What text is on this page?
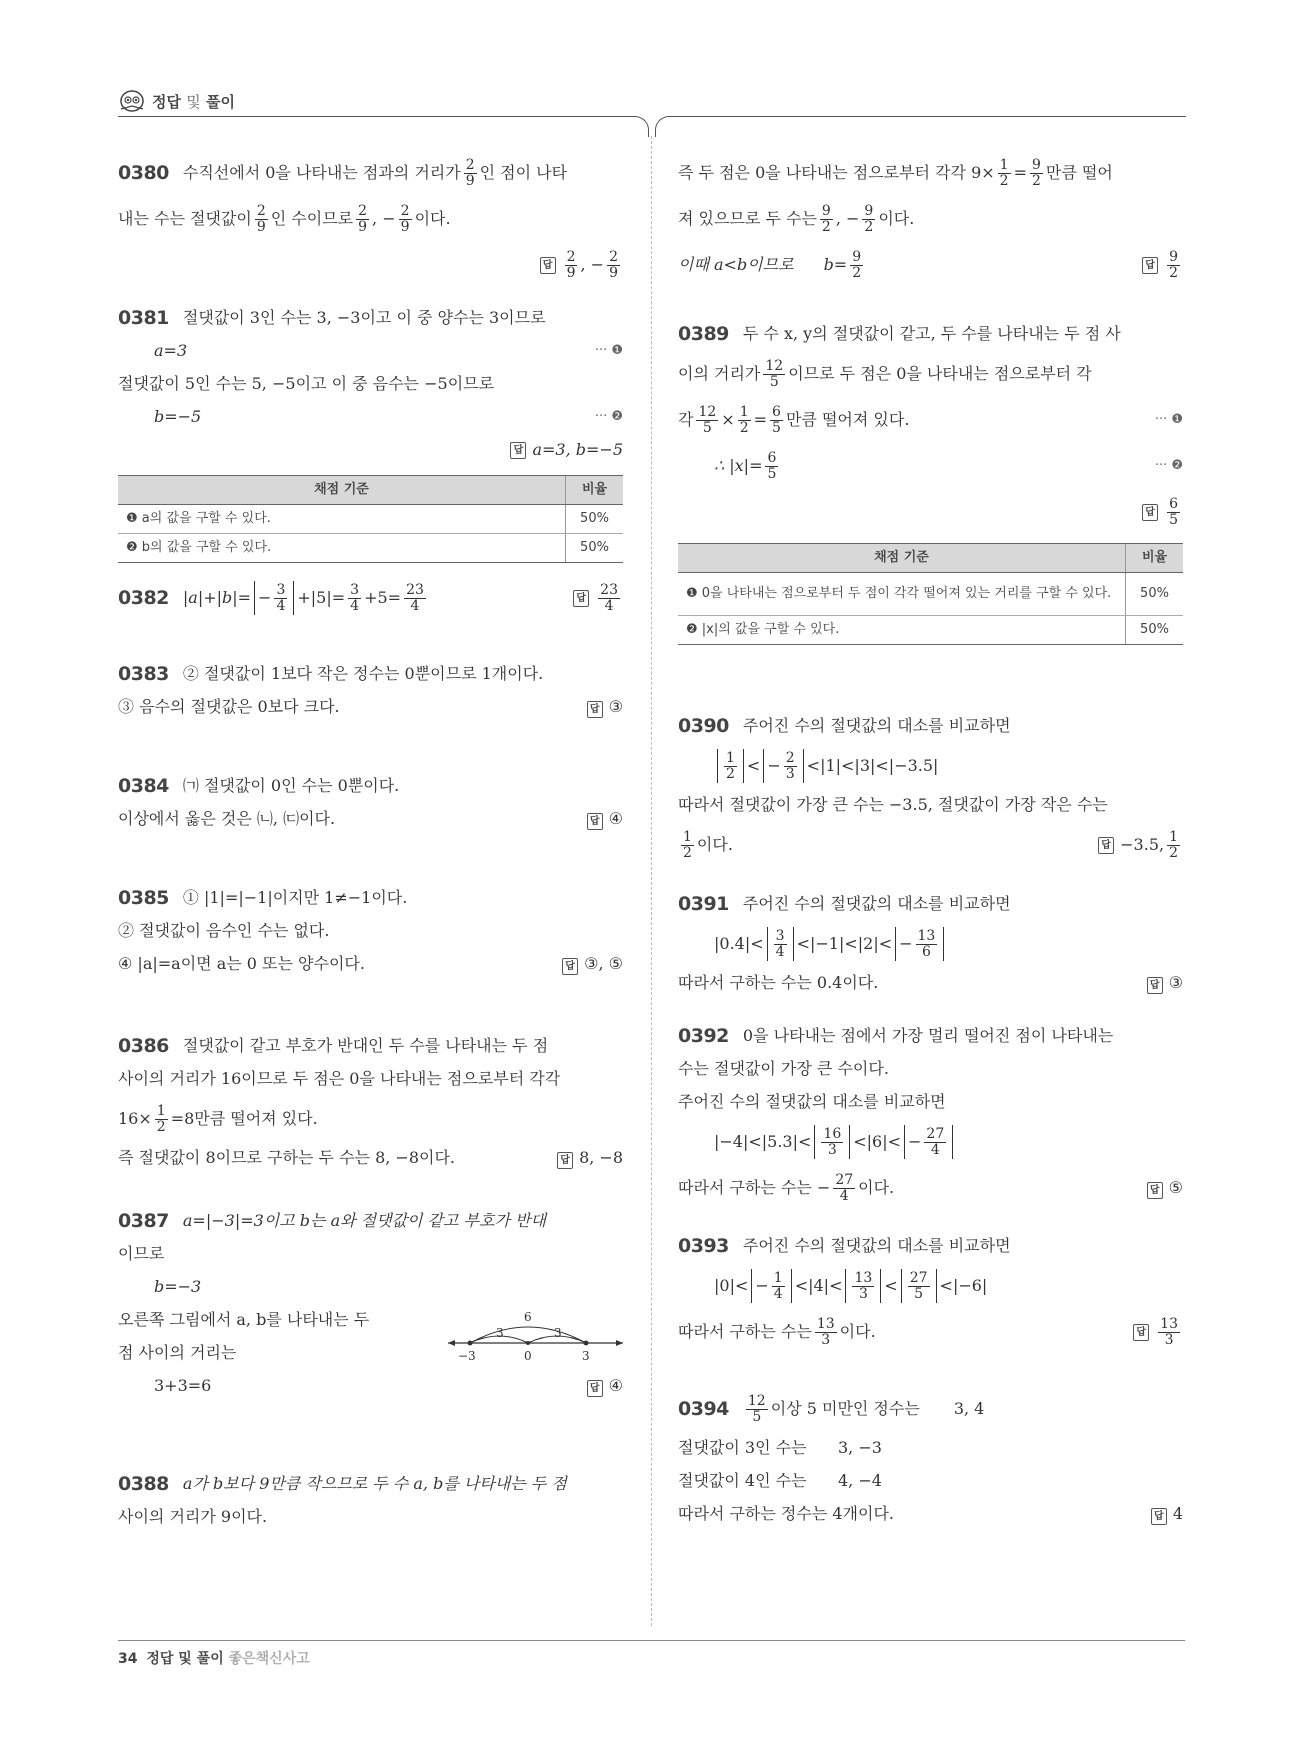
정답 및 풀이
0380 수직선에서 0을 나타내는 점과의 거리가 $\frac{2}{9}$ 인 점이 나타
내는 수는 절댓값이 $\frac{2}{9}$ 인 수이므로 $\frac{2}{9}$ ,
− $\frac{2}{9}$ 이다.
답 $\frac{2}{9}$ ,
− $\frac{2}{9}$
0381 절댓값이 3인 수는 3, −3이고 이 중 양수는 3이므로
a=3	··· ❶
절댓값이 5인 수는 5, −5이고 이 중 음수는 −5이므로
b=−5	··· ❷
답 a=3, b=−5
채점 기준	비율
❶ a의 값을 구할 수 있다.	50%
❷ b의 값을 구할 수 있다.	50%
0382 $|a|+|b|= - \frac{3}{4} +|5|= \frac{3}{4} +5= \frac{23}{4}$	답 $\frac{23}{4}$
0383 ② 절댓값이 1보다 작은 정수는 0뿐이므로 1개이다.
③ 음수의 절댓값은 0보다 크다.	답 ③
0384 ㈀ 절댓값이 0인 수는 0뿐이다.
이상에서 옳은 것은 ㈁, ㈂이다.	답 ④
0385 ① |1|=|−1|이지만 1≠−1이다.
② 절댓값이 음수인 수는 없다.
④ |a|=a이면 a는 0 또는 양수이다.	답 ③, ⑤
0386 절댓값이 같고 부호가 반대인 두 수를 나타내는 두 점
사이의 거리가 16이므로 두 점은 0을 나타내는 점으로부터 각각
$16\times \frac{1}{2} =8$만큼 떨어져 있다.
즉 절댓값이 8이므로 구하는 두 수는 8, −8이다.	답 8, −8
0387 a=|−3|=3이고 b는 a와 절댓값이 같고 부호가 반대
이므로
b=−3
오른쪽 그림에서 a, b를 나타내는 두
점 사이의 거리는
3+3=6	답 ④
6
3	3
−3	0	3
0388 a가 b보다 9만큼 작으므로 두 수 a, b를 나타내는 두 점
사이의 거리가 9이다.
즉 두 점은 0을 나타내는 점으로부터 각각 $9\times \frac{1}{2} = \frac{9}{2}$ 만큼 떨어
져 있으므로 두 수는 $\frac{9}{2}$ ,
− $\frac{9}{2}$ 이다.
이때 a<b이므로 $b= \frac{9}{2}$	답 $\frac{9}{2}$
0389 두 수 x, y의 절댓값이 같고, 두 수를 나타내는 두 점 사
이의 거리가 $\frac{12}{5}$ 이므로 두 점은 0을 나타내는 점으로부터 각
각 $\frac{12}{5} \times \frac{1}{2} = \frac{6}{5}$ 만큼 떨어져 있다.	··· ❶
∴ $|x|= \frac{6}{5}$	··· ❷
답 $\frac{6}{5}$
채점 기준	비율
❶ 0을 나타내는 점으로부터 두 점이 각각 떨어져 있는 거리를 구할 수 있다.	50%
❷ |x|의 값을 구할 수 있다.	50%
0390 주어진 수의 절댓값의 대소를 비교하면
$\frac{1}{2}$ < − $\frac{2}{3} <|1|<|3|<|-3.5|$
따라서 절댓값이 가장 큰 수는 −3.5, 절댓값이 가장 작은 수는
$\frac{1}{2}$ 이다.	답 −3.5, $\frac{1}{2}$
0391 주어진 수의 절댓값의 대소를 비교하면
$|0.4|< \frac{3}{4} <|-1|<|2|< - \frac{13}{6}$
따라서 구하는 수는 0.4이다.	답 ③
0392 0을 나타내는 점에서 가장 멀리 떨어진 점이 나타내는
수는 절댓값이 가장 큰 수이다.
주어진 수의 절댓값의 대소를 비교하면
$|-4|<|5.3|< \frac{16}{3} <|6|< - \frac{27}{4}$
따라서 구하는 수는 − $\frac{27}{4}$ 이다.	답 ⑤
0393 주어진 수의 절댓값의 대소를 비교하면
$|0|< - \frac{1}{4} <|4|< \frac{13}{3} < \frac{27}{5} <|-6|$
따라서 구하는 수는 $\frac{13}{3}$ 이다.	답 $\frac{13}{3}$
$0394 \frac{12}{5}$ 이상 5 미만인 정수는 3, 4
절댓값이 3인 수는	3, −3
절댓값이 4인 수는	4, −4
따라서 구하는 정수는 4개이다.	답 4
34 정답 및 풀이 좋은책신사고
